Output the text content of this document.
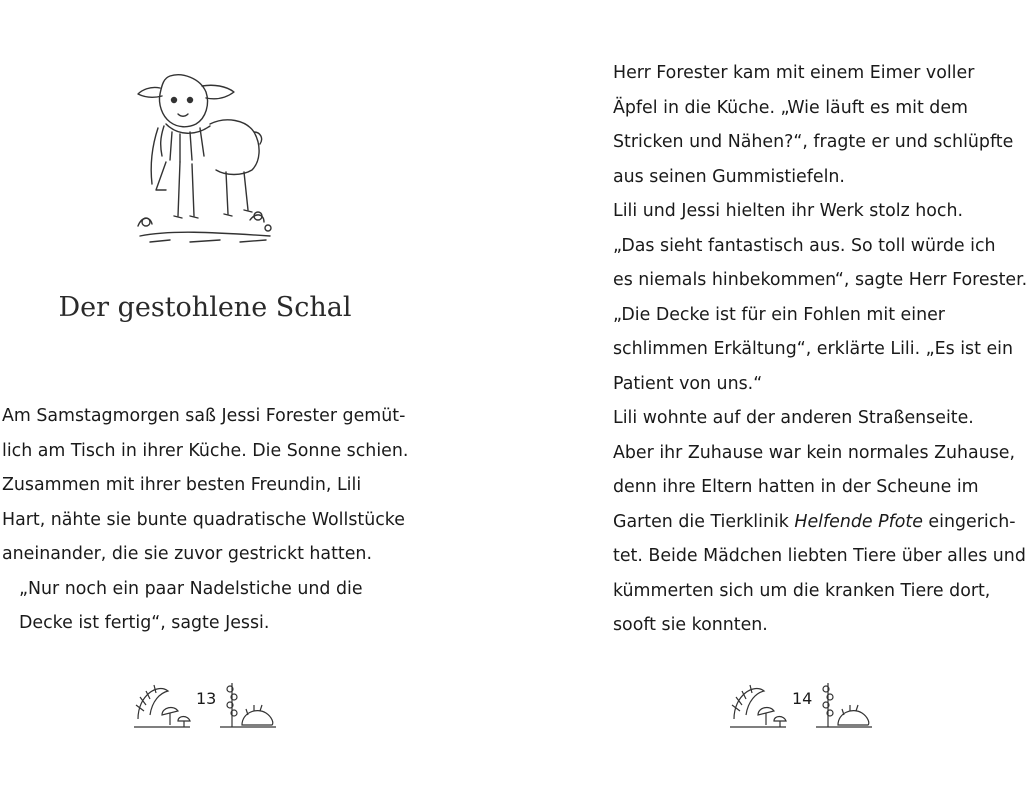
Der gestohlene Schal

Am Samstagmorgen saß Jessi Forester gemüt-
lich am Tisch in ihrer Küche. Die Sonne schien.
Zusammen mit ihrer besten Freundin, Lili
Hart, nähte sie bunte quadratische Wollstücke
aneinander, die sie zuvor gestrickt hatten.

„Nur noch ein paar Nadelstiche und die
Decke ist fertig“, sagte Jessi.

13

Herr Forester kam mit einem Eimer voller
Äpfel in die Küche. „Wie läuft es mit dem
Stricken und Nähen?“, fragte er und schlüpfte
aus seinen Gummistiefeln.

Lili und Jessi hielten ihr Werk stolz hoch.

„Das sieht fantastisch aus. So toll würde ich
es niemals hinbekommen“, sagte Herr Forester.

„Die Decke ist für ein Fohlen mit einer
schlimmen Erkältung“, erklärte Lili. „Es ist ein
Patient von uns.“

Lili wohnte auf der anderen Straßenseite.
Aber ihr Zuhause war kein normales Zuhause,
denn ihre Eltern hatten in der Scheune im
Garten die Tierklinik Helfende Pfote eingerich-
tet. Beide Mädchen liebten Tiere über alles und
kümmerten sich um die kranken Tiere dort,
sooft sie konnten.

14
